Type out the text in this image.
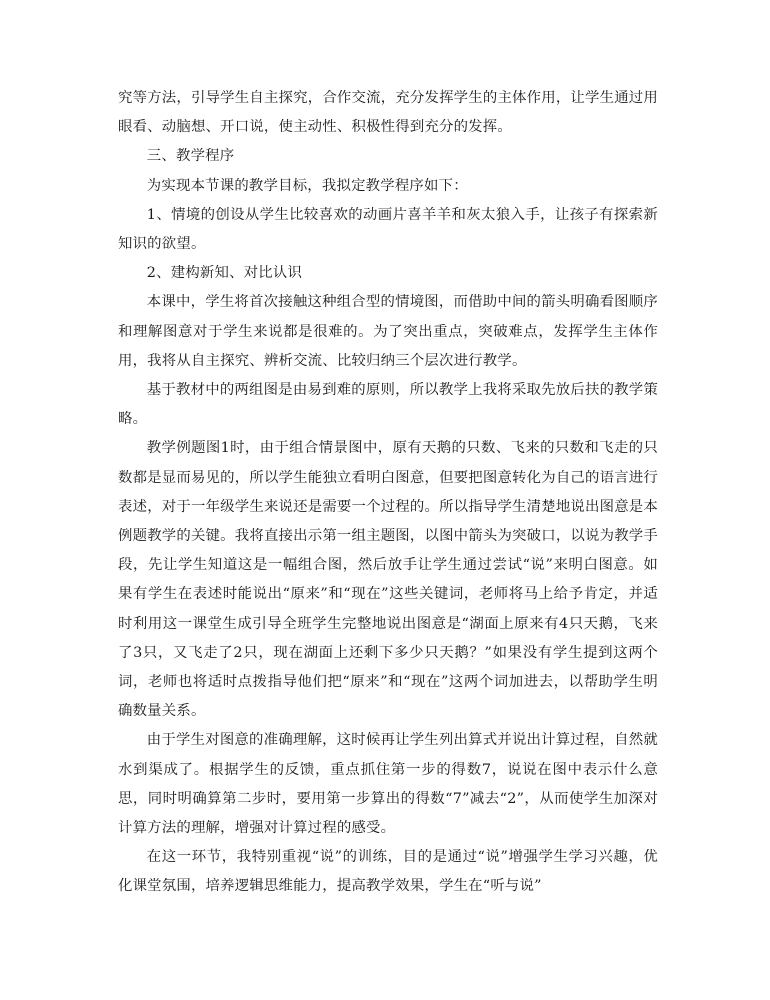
究等方法，引导学生自主探究，合作交流，充分发挥学生的主体作用，让学生通过用眼看、动脑想、开口说，使主动性、积极性得到充分的发挥。

三、教学程序

为实现本节课的教学目标，我拟定教学程序如下：

1、情境的创设从学生比较喜欢的动画片喜羊羊和灰太狼入手，让孩子有探索新知识的欲望。

2、建构新知、对比认识

本课中，学生将首次接触这种组合型的情境图，而借助中间的箭头明确看图顺序和理解图意对于学生来说都是很难的。为了突出重点，突破难点，发挥学生主体作用，我将从自主探究、辨析交流、比较归纳三个层次进行教学。

基于教材中的两组图是由易到难的原则，所以教学上我将采取先放后扶的教学策略。

教学例题图1时，由于组合情景图中，原有天鹅的只数、飞来的只数和飞走的只数都是显而易见的，所以学生能独立看明白图意，但要把图意转化为自己的语言进行表述，对于一年级学生来说还是需要一个过程的。所以指导学生清楚地说出图意是本例题教学的关键。我将直接出示第一组主题图，以图中箭头为突破口，以说为教学手段，先让学生知道这是一幅组合图，然后放手让学生通过尝试“说”来明白图意。如果有学生在表述时能说出“原来”和“现在”这些关键词，老师将马上给予肯定，并适时利用这一课堂生成引导全班学生完整地说出图意是“湖面上原来有4只天鹅，飞来了3只，又飞走了2只，现在湖面上还剩下多少只天鹅？”如果没有学生提到这两个词，老师也将适时点拨指导他们把“原来”和“现在”这两个词加进去，以帮助学生明确数量关系。

由于学生对图意的准确理解，这时候再让学生列出算式并说出计算过程，自然就水到渠成了。根据学生的反馈，重点抓住第一步的得数7，说说在图中表示什么意思，同时明确算第二步时，要用第一步算出的得数“7”减去“2”，从而使学生加深对计算方法的理解，增强对计算过程的感受。

在这一环节，我特别重视“说”的训练，目的是通过“说”增强学生学习兴趣，优化课堂氛围，培养逻辑思维能力，提高教学效果，学生在“听与说”
